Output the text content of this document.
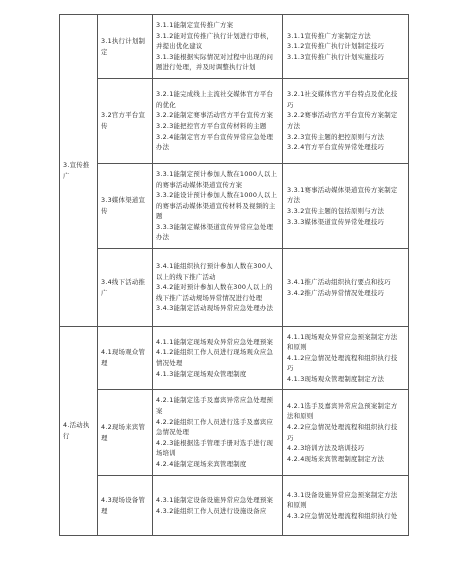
3.宣传推广	3.1执行计划制定	3.1.1能制定宣传推广方案
3.1.2能对宣传推广执行计划进行审核，并提出优化建议
3.1.3能根据实际情况对过程中出现的问题进行处理，并及时调整执行计划	3.1.1宣传推广方案制定方法
3.1.2宣传推广执行计划制定技巧
3.1.3宣传推广执行计划实施技巧

	3.2官方平台宣传	3.2.1能完成线上主流社交媒体官方平台的优化
3.2.2能制定赛事活动官方平台宣传方案
3.2.3能把控官方平台宣传材料的主题
3.2.4能制定官方平台宣传异常应急处理办法	3.2.1社交媒体官方平台特点及优化技巧
3.2.2赛事活动官方平台宣传方案制定方法
3.2.3宣传主题的把控原则与方法
3.2.4官方平台宣传异常处理技巧

	3.3媒体渠道宣传	3.3.1能制定预计参加人数在1000人以上的赛事活动媒体渠道宣传方案
3.3.2能设计预计参加人数在1000人以上的赛事活动媒体渠道宣传材料及视频的主题
3.3.3能制定媒体渠道宣传异常应急处理办法	3.3.1赛事活动媒体渠道宣传方案制定方法
3.3.2宣传主题的包括原则与方法
3.3.3媒体渠道宣传异常处理技巧

	3.4线下活动推广	3.4.1能组织执行预计参加人数在300人以上的线下推广活动
3.4.2能对预计参加人数在300人以上的线下推广活动规场异常情况进行处理
3.4.3能制定活动现场异常应急处理办法	3.4.1推广活动组织执行要点和技巧
3.4.2推广活动异常情况处理技巧

4.活动执行	4.1现场观众管理	4.1.1能制定现场观众异常应急处理预案
4.1.2能组织工作人员进行现场观众应急情况处理
4.1.3能制定现场观众管理制度	4.1.1现场观众异常应急预案制定方法和原则
4.1.2应急情况处理流程和组织执行技巧
4.1.3现场观众管理制度制定方法

	4.2现场来宾管理	4.2.1能制定选手及嘉宾异常应急处理预案
4.2.2能组织工作人员进行选手及嘉宾应急情况处理
4.2.3能根据选手管理手册对选手进行现场培训
4.2.4能制定现场来宾管理制度	4.2.1选手及嘉宾异常应急预案制定方法和原则
4.2.2应急情况处理流程和组织执行技巧
4.2.3培训方法及培训技巧
4.2.4现场来宾管理制度制定方法

	4.3现场设备管理	4.3.1能制定设备设施异常应急处理预案
4.3.2能组织工作人员进行设施设备应	4.3.1设备设施异常应急预案制定方法和原则
4.3.2应急情况处理流程和组织执行处
